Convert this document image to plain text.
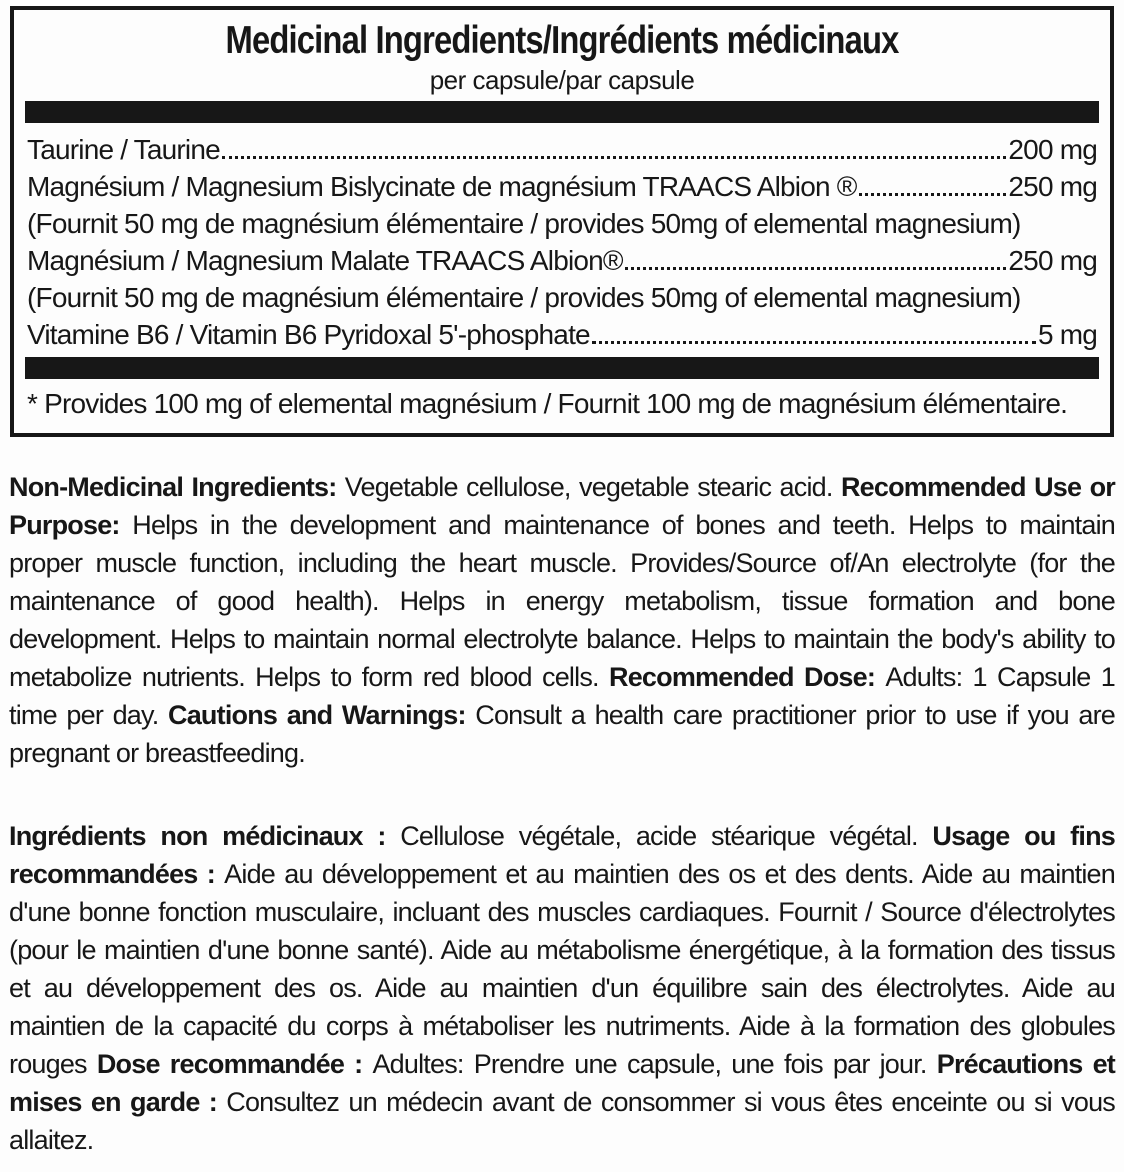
Medicinal Ingredients/Ingrédients médicinaux
per capsule/par capsule
Taurine / Taurine	200 mg
Magnésium / Magnesium Bislycinate de magnésium TRAACS Albion ®	250 mg
(Fournit 50 mg de magnésium élémentaire / provides 50mg of elemental magnesium)
Magnésium / Magnesium Malate TRAACS Albion®	250 mg
(Fournit 50 mg de magnésium élémentaire / provides 50mg of elemental magnesium)
Vitamine B6 / Vitamin B6 Pyridoxal 5'-phosphate	5 mg
* Provides 100 mg of elemental magnésium / Fournit 100 mg de magnésium élémentaire.

Non-Medicinal Ingredients: Vegetable cellulose, vegetable stearic acid. Recommended Use or Purpose: Helps in the development and maintenance of bones and teeth. Helps to maintain proper muscle function, including the heart muscle. Provides/Source of/An electrolyte (for the maintenance of good health). Helps in energy metabolism, tissue formation and bone development. Helps to maintain normal electrolyte balance. Helps to maintain the body's ability to metabolize nutrients. Helps to form red blood cells. Recommended Dose: Adults: 1 Capsule 1 time per day. Cautions and Warnings: Consult a health care practitioner prior to use if you are pregnant or breastfeeding.

Ingrédients non médicinaux : Cellulose végétale, acide stéarique végétal. Usage ou fins recommandées : Aide au développement et au maintien des os et des dents. Aide au maintien d'une bonne fonction musculaire, incluant des muscles cardiaques. Fournit / Source d'électrolytes (pour le maintien d'une bonne santé). Aide au métabolisme énergétique, à la formation des tissus et au développement des os. Aide au maintien d'un équilibre sain des électrolytes. Aide au maintien de la capacité du corps à métaboliser les nutriments. Aide à la formation des globules rouges Dose recommandée : Adultes: Prendre une capsule, une fois par jour. Précautions et mises en garde : Consultez un médecin avant de consommer si vous êtes enceinte ou si vous allaitez.
